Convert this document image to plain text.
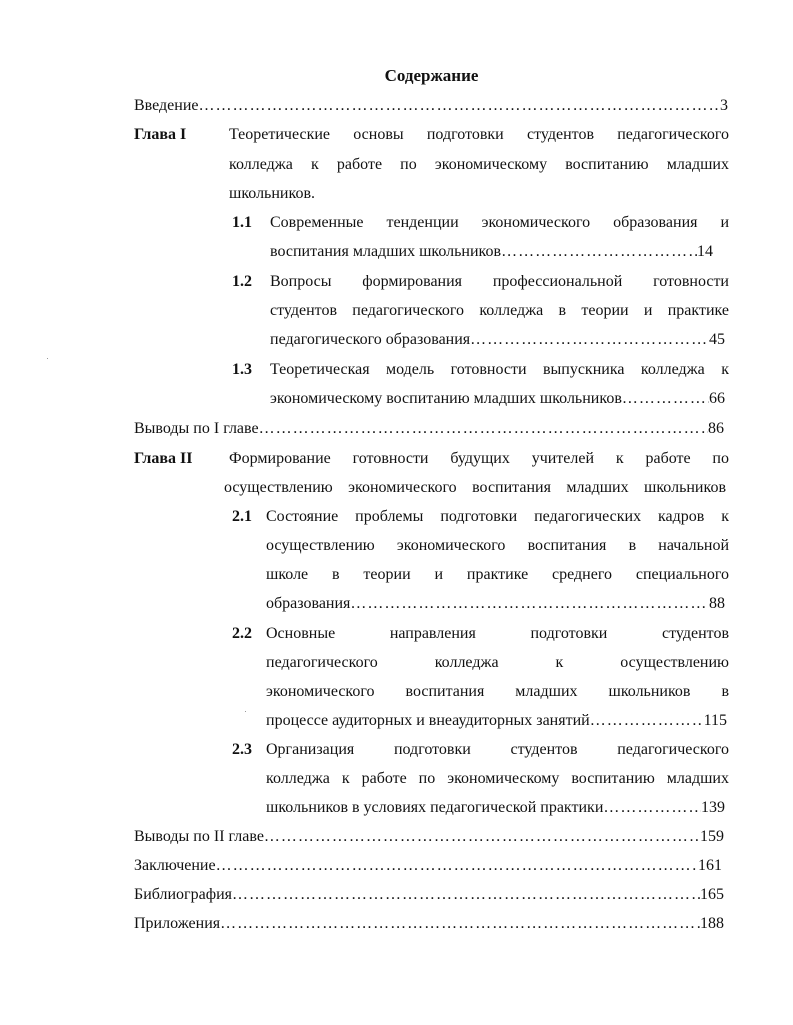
Содержание
Введение …………………………………………………………………………………………………………………………………………………………………………	3
Глава I	Теоретические основы подготовки студентов педагогического
колледжа к работе по экономическому воспитанию младших
школьников.
1.1 Современные тенденции экономического образования и
воспитания младших школьников …………………………………………………………………………………………………………………………………………………………………………	14
1.2 Вопросы формирования профессиональной готовности
студентов педагогического колледжа в теории и практике
педагогического образования …………………………………………………………………………………………………………………………………………………………………………	45
1.3 Теоретическая модель готовности выпускника колледжа к
экономическому воспитанию младших школьников …………………………………………………………………………………………………………………………………………………………………………	66
Выводы по I главе …………………………………………………………………………………………………………………………………………………………………………	86
Глава II Формирование готовности будущих учителей к работе по
осуществлению экономического воспитания младших школьников
2.1 Состояние проблемы подготовки педагогических кадров к
осуществлению экономического воспитания в начальной
школе в теории и практике среднего специального
образования …………………………………………………………………………………………………………………………………………………………………………	88
2.2 Основные направления подготовки студентов
педагогического колледжа к осуществлению
экономического воспитания младших школьников в
процессе аудиторных и внеаудиторных занятий …………………………………………………………………………………………………………………………………………………………………………	115
2.3 Организация подготовки студентов педагогического
колледжа к работе по экономическому воспитанию младших
школьников в условиях педагогической практики …………………………………………………………………………………………………………………………………………………………………………	139
Выводы по II главе …………………………………………………………………………………………………………………………………………………………………………	159
Заключение …………………………………………………………………………………………………………………………………………………………………………	161
Библиография …………………………………………………………………………………………………………………………………………………………………………	165
Приложения …………………………………………………………………………………………………………………………………………………………………………	188
